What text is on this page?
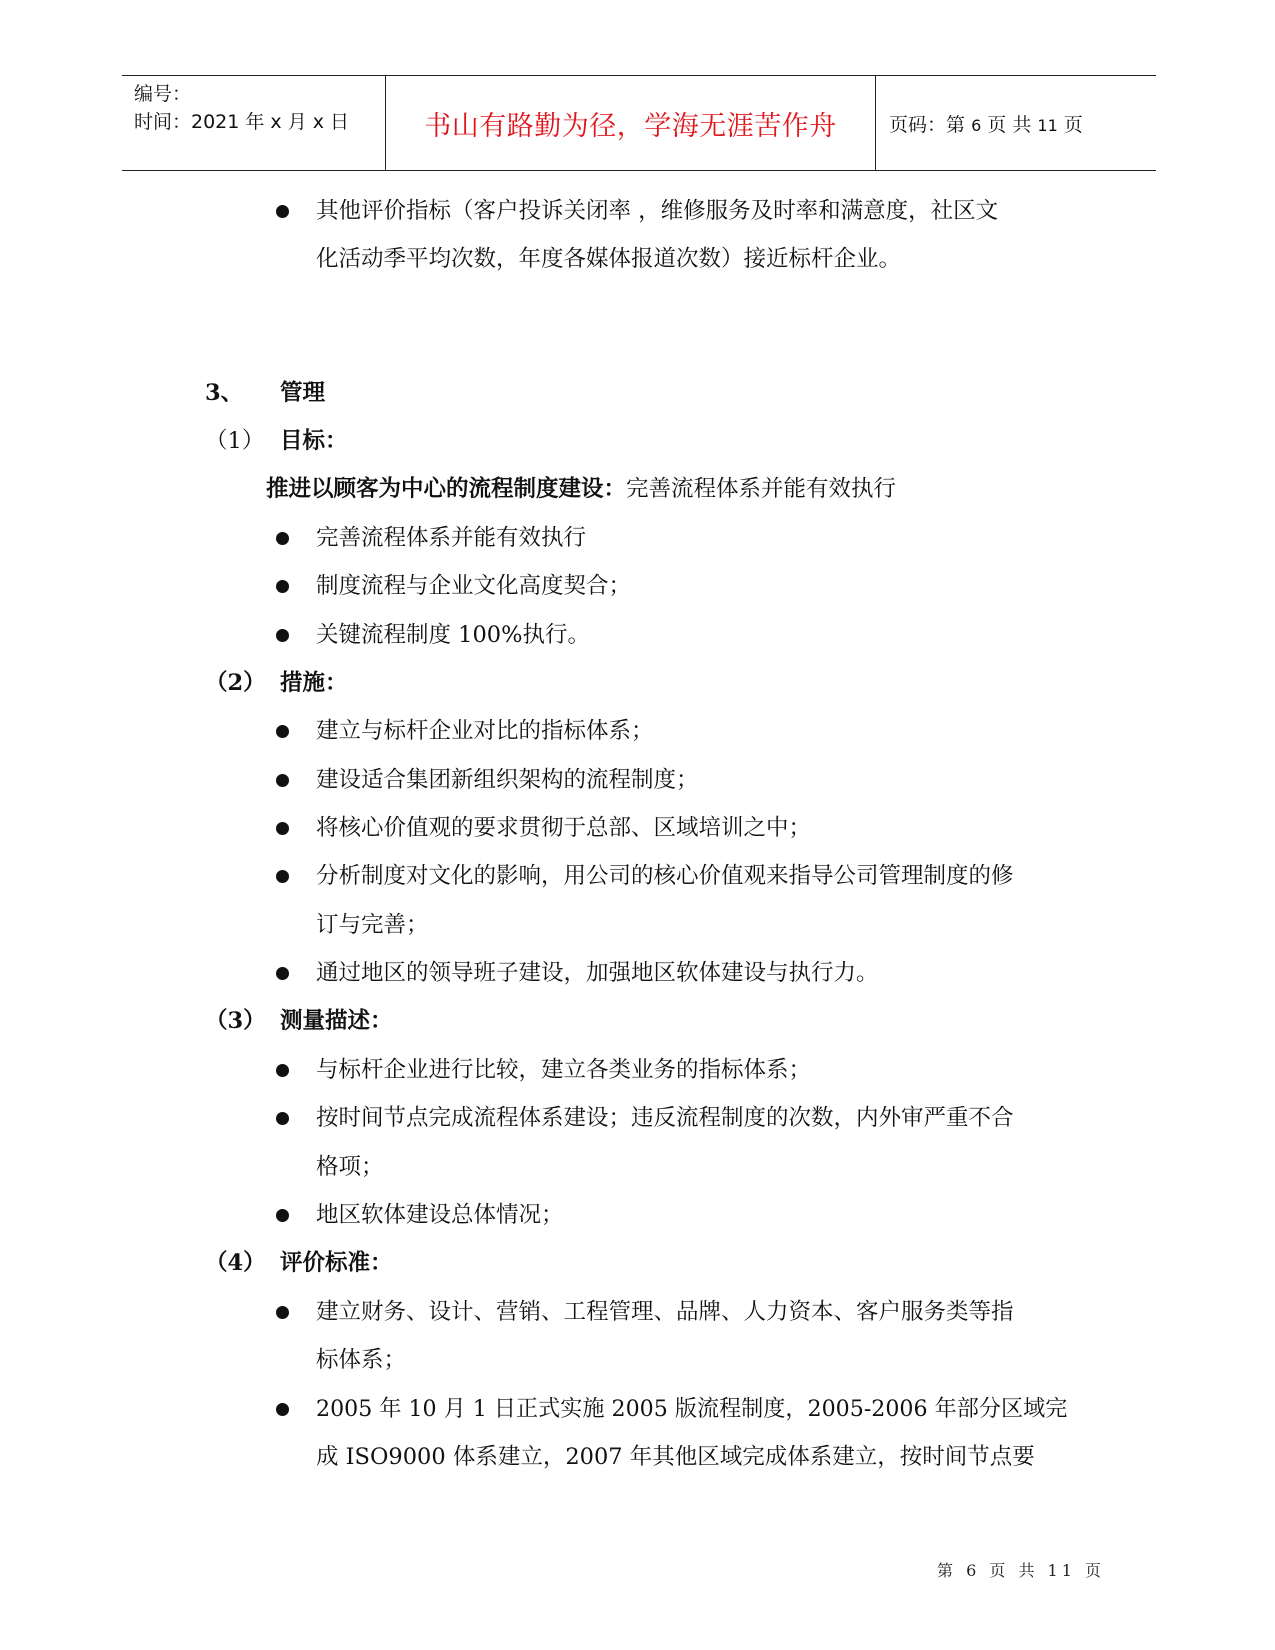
编号：
时间：2021 年 x 月 x 日	书山有路勤为径，学海无涯苦作舟	页码：第 6 页 共 11 页
其他评价指标（客户投诉关闭率 ，维修服务及时率和满意度，社区文
化活动季平均次数，年度各媒体报道次数）接近标杆企业。
3、 管理
（1） 目标：
推进以顾客为中心的流程制度建设：完善流程体系并能有效执行
完善流程体系并能有效执行
制度流程与企业文化高度契合；
关键流程制度 100%执行。
（2） 措施：
建立与标杆企业对比的指标体系；
建设适合集团新组织架构的流程制度；
将核心价值观的要求贯彻于总部、区域培训之中；
分析制度对文化的影响，用公司的核心价值观来指导公司管理制度的修
订与完善；
通过地区的领导班子建设，加强地区软体建设与执行力。
（3） 测量描述：
与标杆企业进行比较，建立各类业务的指标体系；
按时间节点完成流程体系建设；违反流程制度的次数，内外审严重不合
格项；
地区软体建设总体情况；
（4） 评价标准：
建立财务、设计、营销、工程管理、品牌、人力资本、客户服务类等指
标体系；
2005 年 10 月 1 日正式实施 2005 版流程制度，2005-2006 年部分区域完
成 ISO9000 体系建立，2007 年其他区域完成体系建立，按时间节点要
第 6 页 共 11 页
